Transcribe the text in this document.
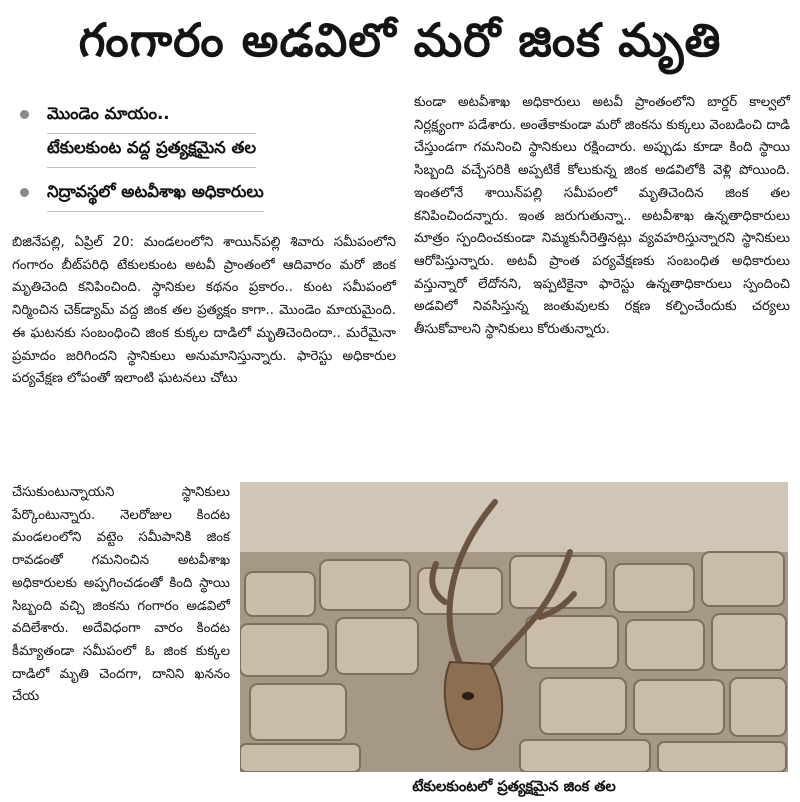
గంగారం అడవిలో మరో జింక మృతి
మొండెం మాయం..
టేకులకుంట వద్ద ప్రత్యక్షమైన తల
నిద్రావస్థలో అటవీశాఖ అధికారులు

బిజినేపల్లి, ఏప్రిల్‌ 20: మండలంలోని శాయిన్‌పల్లి శివారు సమీపంలోని గంగారం బీట్‌పరిధి టేకులకుంట అటవీ ప్రాంతంలో ఆదివారం మరో జింక మృతిచెంది కనిపించింది. స్థానికుల కథనం ప్రకారం.. కుంట సమీపంలో నిర్మించిన చెక్‌డ్యామ్‌ వద్ద జింక తల ప్రత్యక్షం కాగా.. మొండెం మాయమైంది. ఈ ఘటనకు సంబంధించి జింక కుక్కల దాడిలో మృతిచెందిందా.. మరేమైనా ప్రమాదం జరిగిందని స్థానికులు అనుమానిస్తున్నారు. ఫారెస్టు అధికారుల పర్యవేక్షణ లోపంతో ఇలాంటి ఘటనలు చోటు

చేసుకుంటున్నాయని స్థానికులు పేర్కొంటున్నారు. నెలరోజుల కిందట మండలంలోని వట్టెం సమీపానికి జింక రావడంతో గమనించిన అటవీశాఖ అధికారులకు అప్పగించడంతో కింది స్థాయి సిబ్బంది వచ్చి జింకను గంగారం అడవిలో వదిలేశారు. అదేవిధంగా వారం కిందట కీమ్యాతండా సమీపంలో ఓ జింక కుక్కల దాడిలో మృతి చెందగా, దానిని ఖననం చేయ

కుండా అటవీశాఖ అధికారులు అటవీ ప్రాంతంలోని బార్డర్‌ కాల్వలో నిర్లక్ష్యంగా పడేశారు. అంతేకాకుండా మరో జింకను కుక్కలు వెంబడించి దాడి చేస్తుండగా గమనించి స్థానికులు రక్షించారు. అప్పుడు కూడా కింది స్థాయి సిబ్బంది వచ్చేసరికి అప్పటికే కోలుకున్న జింక అడవిలోకి వెళ్లి పోయింది. ఇంతలోనే శాయిన్‌పల్లి సమీపంలో మృతిచెందిన జింక తల కనిపించిందన్నారు. ఇంత జరుగుతున్నా.. అటవీశాఖ ఉన్నతాధికారులు మాత్రం స్పందించకుండా నిమ్మకునీరెత్తినట్లు వ్యవహరిస్తున్నారని స్థానికులు ఆరోపిస్తున్నారు. అటవీ ప్రాంత పర్యవేక్షణకు సంబంధిత అధికారులు వస్తున్నారో లేదోనని, ఇప్పటికైనా ఫారెస్టు ఉన్నతాధికారులు స్పందించి అడవిలో నివసిస్తున్న జంతువులకు రక్షణ కల్పించేందుకు చర్యలు తీసుకోవాలని స్థానికులు కోరుతున్నారు.

టేకులకుంటలో ప్రత్యక్షమైన జింక తల
